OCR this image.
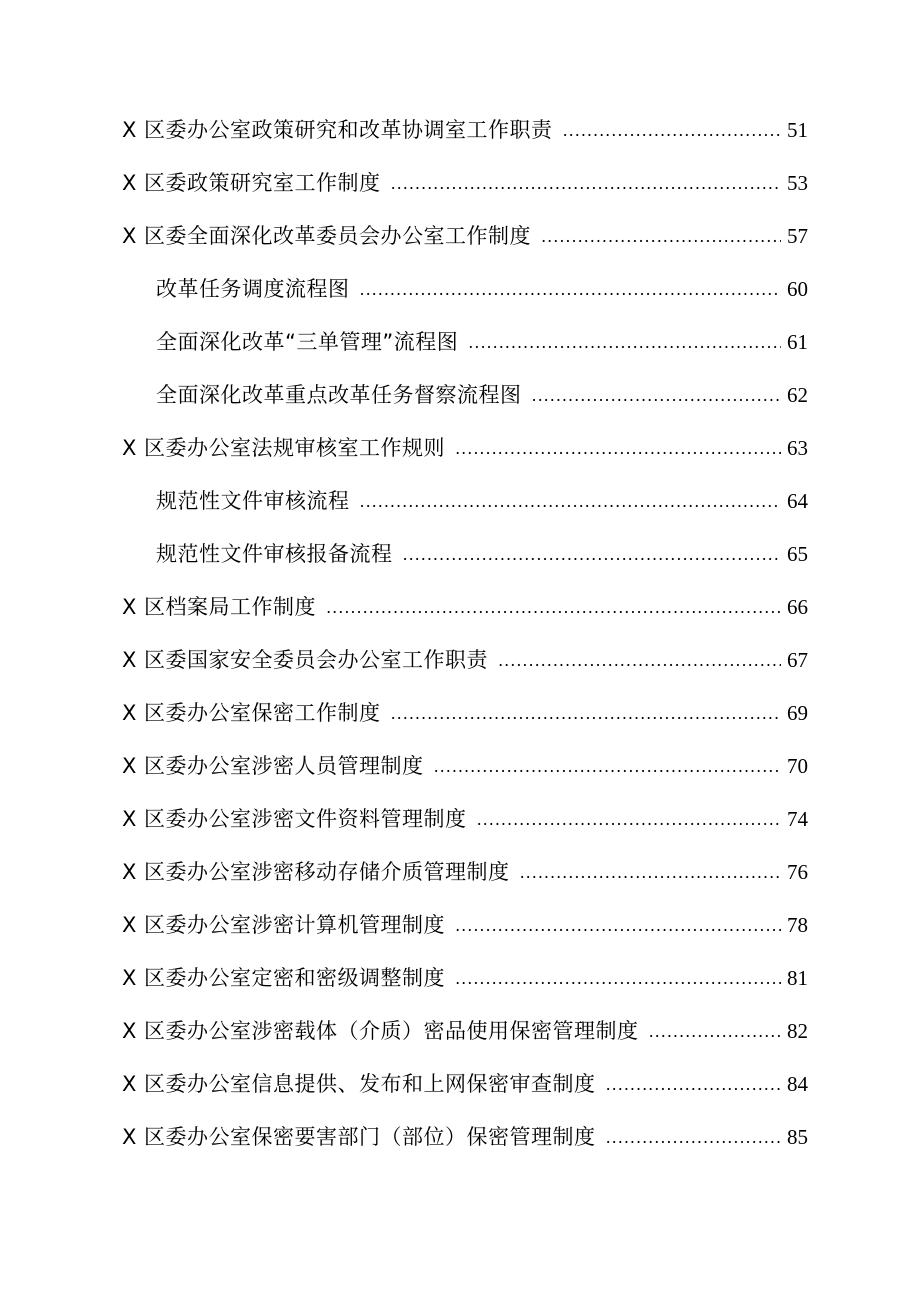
X 区委办公室政策研究和改革协调室工作职责 .....	51
X 区委政策研究室工作制度 .....	53
X 区委全面深化改革委员会办公室工作制度 .....	57
改革任务调度流程图 .....	60
全面深化改革“三单管理”流程图 .....	61
全面深化改革重点改革任务督察流程图 .....	62
X 区委办公室法规审核室工作规则 .....	63
规范性文件审核流程 .....	64
规范性文件审核报备流程 .....	65
X 区档案局工作制度 .....	66
X 区委国家安全委员会办公室工作职责 .....	67
X 区委办公室保密工作制度 .....	69
X 区委办公室涉密人员管理制度 .....	70
X 区委办公室涉密文件资料管理制度 .....	74
X 区委办公室涉密移动存储介质管理制度 .....	76
X 区委办公室涉密计算机管理制度 .....	78
X 区委办公室定密和密级调整制度 .....	81
X 区委办公室涉密载体（介质）密品使用保密管理制度 .....	82
X 区委办公室信息提供、发布和上网保密审查制度 .....	84
X 区委办公室保密要害部门（部位）保密管理制度 .....	85
